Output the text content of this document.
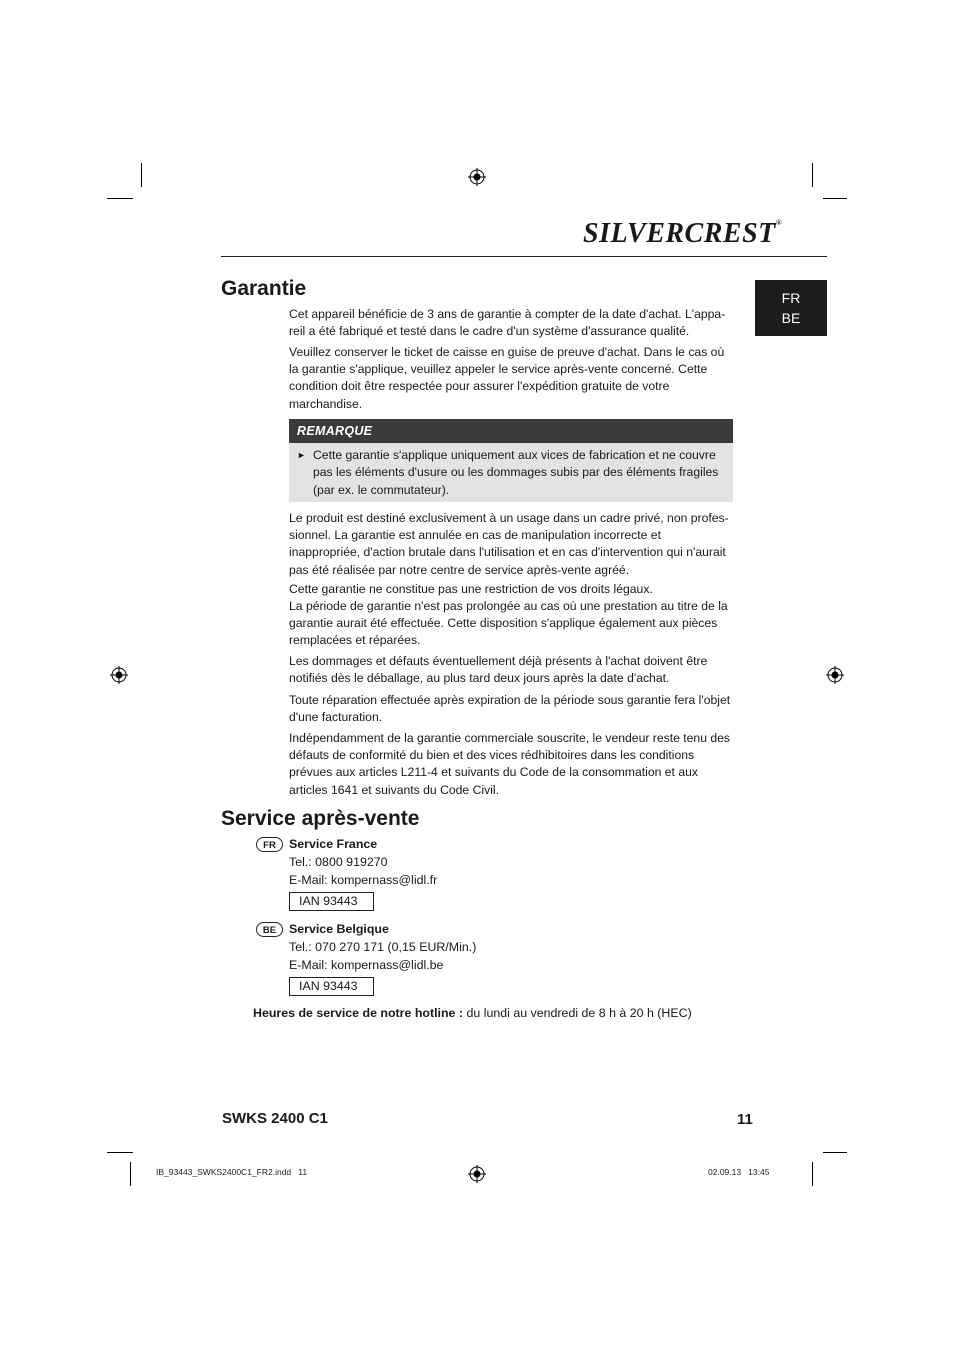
SILVERCREST®
FR
BE
Garantie

Cet appareil bénéficie de 3 ans de garantie à compter de la date d'achat. L'appa-reil a été fabriqué et testé dans le cadre d'un système d'assurance qualité.

Veuillez conserver le ticket de caisse en guise de preuve d'achat. Dans le cas où la garantie s'applique, veuillez appeler le service après-vente concerné. Cette condition doit être respectée pour assurer l'expédition gratuite de votre marchandise.

REMARQUE
► Cette garantie s'applique uniquement aux vices de fabrication et ne couvre pas les éléments d'usure ou les dommages subis par des éléments fragiles (par ex. le commutateur).

Le produit est destiné exclusivement à un usage dans un cadre privé, non profes-sionnel. La garantie est annulée en cas de manipulation incorrecte et inappropriée, d'action brutale dans l'utilisation et en cas d'intervention qui n'aurait pas été réalisée par notre centre de service après-vente agréé.

Cette garantie ne constitue pas une restriction de vos droits légaux.

La période de garantie n'est pas prolongée au cas où une prestation au titre de la garantie aurait été effectuée. Cette disposition s'applique également aux pièces remplacées et réparées.

Les dommages et défauts éventuellement déjà présents à l'achat doivent être notifiés dès le déballage, au plus tard deux jours après la date d'achat.

Toute réparation effectuée après expiration de la période sous garantie fera l'objet d'une facturation.

Indépendamment de la garantie commerciale souscrite, le vendeur reste tenu des défauts de conformité du bien et des vices rédhibitoires dans les conditions prévues aux articles L211-4 et suivants du Code de la consommation et aux articles 1641 et suivants du Code Civil.

Service après-vente
FR	Service France
Tel.: 0800 919270
E-Mail: kompernass@lidl.fr
IAN 93443
BE	Service Belgique
Tel.: 070 270 171 (0,15 EUR/Min.)
E-Mail: kompernass@lidl.be
IAN 93443
Heures de service de notre hotline : du lundi au vendredi de 8 h à 20 h (HEC)
SWKS 2400 C1	11
IB_93443_SWKS2400C1_FR2.indd   11	02.09.13   13:45
